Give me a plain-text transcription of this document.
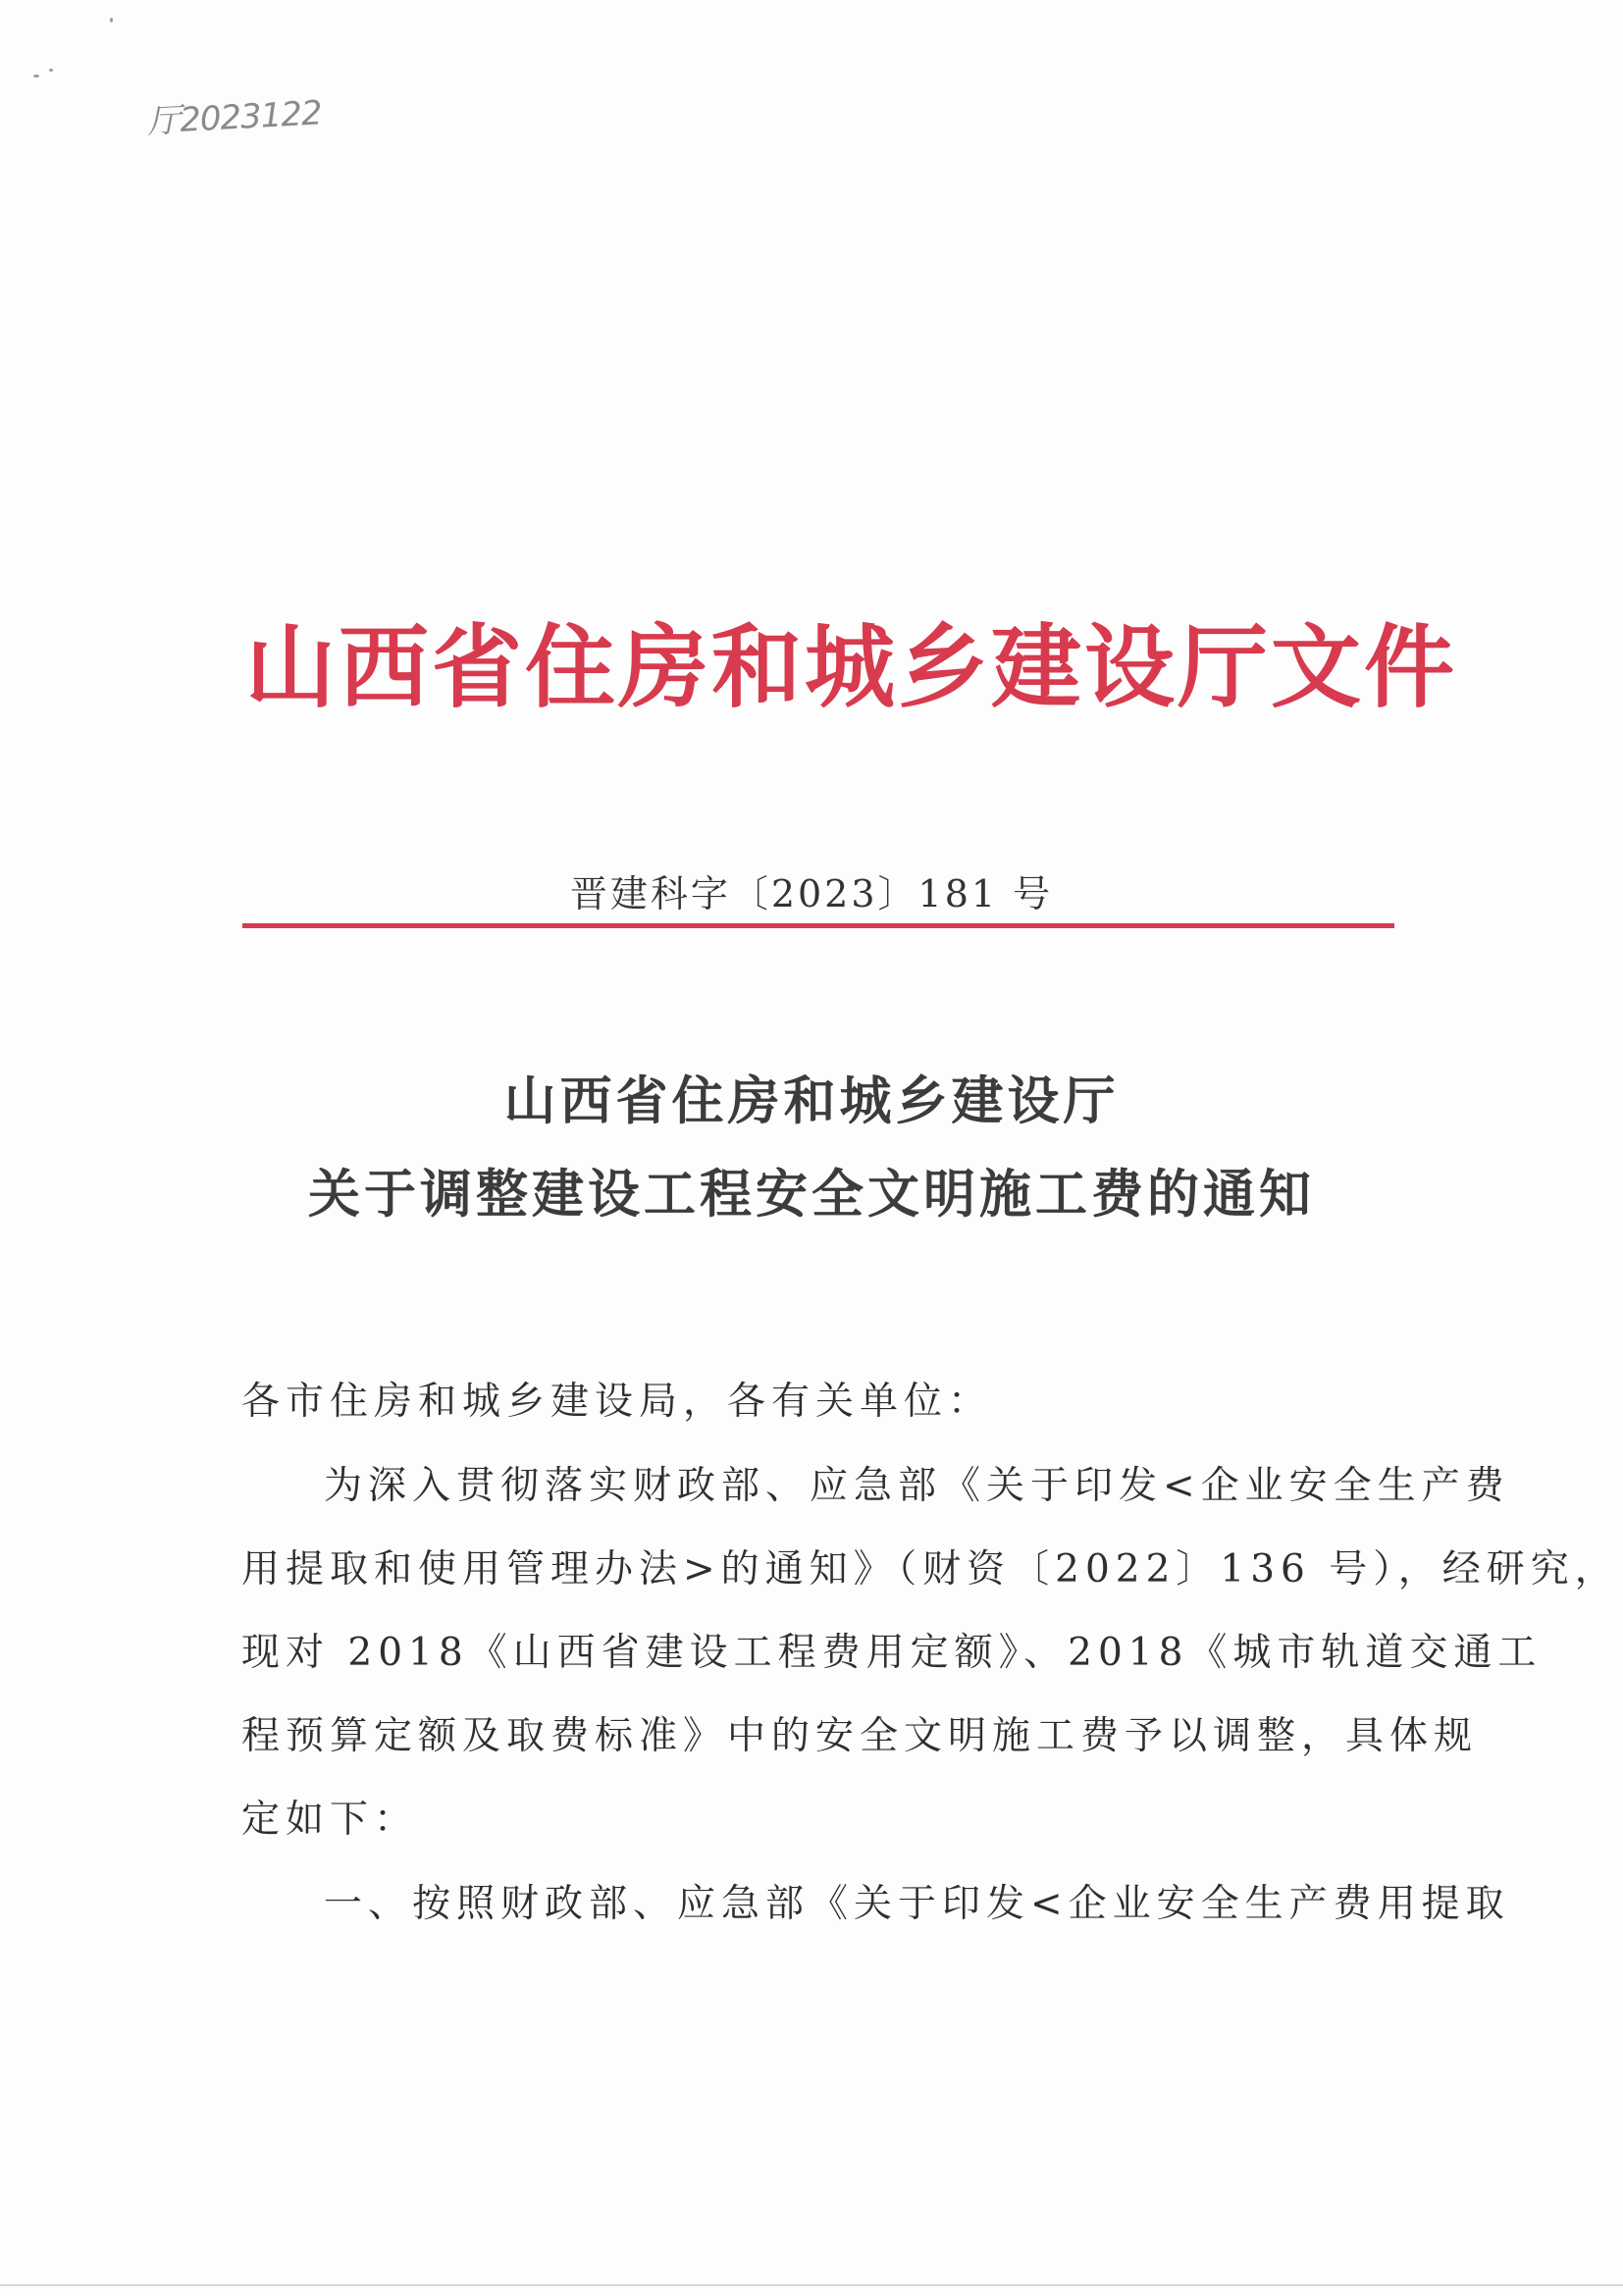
厅2023122
山西省住房和城乡建设厅文件
晋建科字〔2023〕181 号
山西省住房和城乡建设厅
关于调整建设工程安全文明施工费的通知
各市住房和城乡建设局，各有关单位：
为深入贯彻落实财政部、应急部《关于印发<企业安全生产费
用提取和使用管理办法>的通知》（财资〔2022〕136 号），经研究，
现对 2018《山西省建设工程费用定额》、2018《城市轨道交通工
程预算定额及取费标准》中的安全文明施工费予以调整，具体规
定如下：
一、按照财政部、应急部《关于印发<企业安全生产费用提取
